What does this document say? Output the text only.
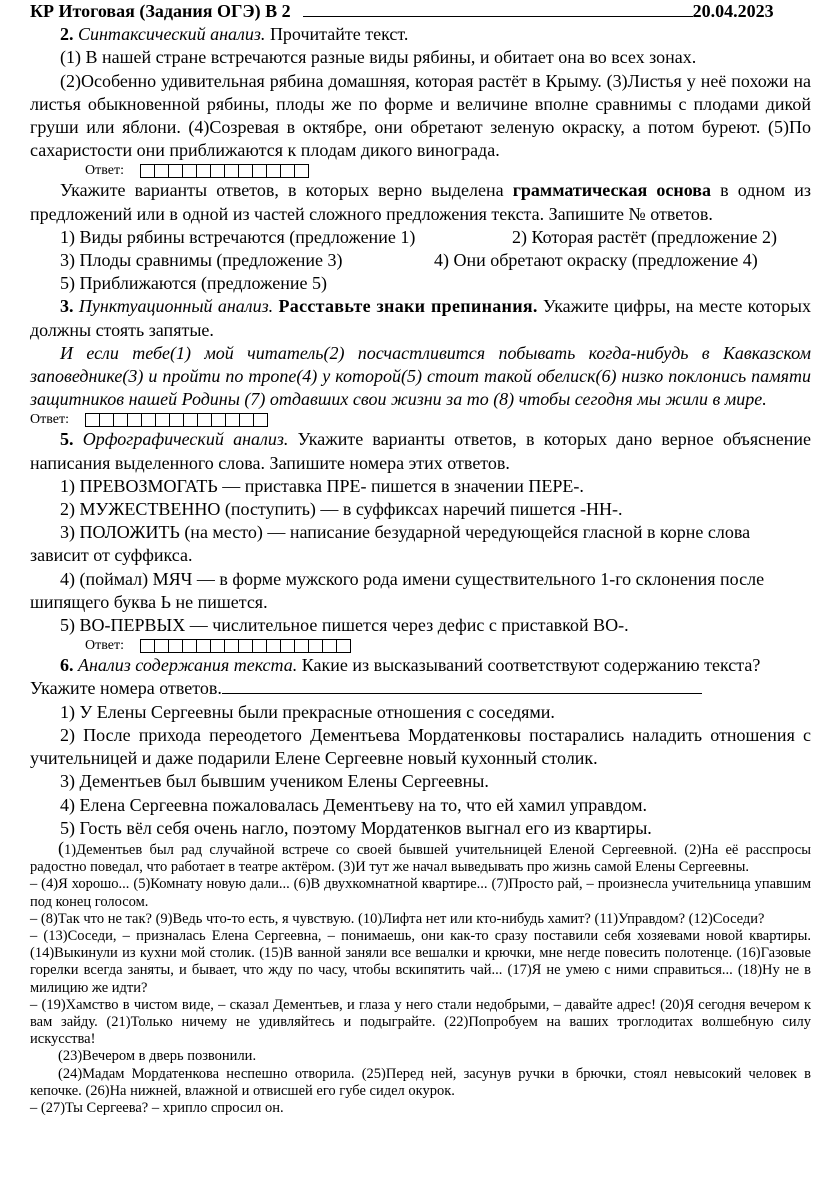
КР Итоговая (Задания ОГЭ) В 2	20.04.2023

2. Синтаксический анализ. Прочитайте текст.

(1) В нашей стране встречаются разные виды рябины, и обитает она во всех зонах.

(2)Особенно удивительная рябина домашняя, которая растёт в Крыму. (3)Листья у неё похожи на листья обыкновенной рябины, плоды же по форме и величине вполне сравнимы с плодами дикой груши или яблони. (4)Созревая в октябре, они обретают зеленую окраску, а потом буреют. (5)По сахаристости они приближаются к плодам дикого винограда.

Ответ:

Укажите варианты ответов, в которых верно выделена грамматическая основа в одном из предложений или в одной из частей сложного предложения текста. Запишите № ответов.

1) Виды рябины встречаются (предложение 1)	2) Которая растёт (предложение 2)
3) Плоды сравнимы (предложение 3)	4) Они обретают окраску (предложение 4)

5) Приближаются (предложение 5)

3. Пунктуационный анализ. Расставьте знаки препинания. Укажите цифры, на месте которых должны стоять запятые.

И если тебе(1) мой читатель(2) посчастливится побывать когда-нибудь в Кавказском заповеднике(3) и пройти по тропе(4) у которой(5) стоит такой обелиск(6) низко поклонись памяти защитников нашей Родины (7) отдавших свои жизни за то (8) чтобы сегодня мы жили в мире.

Ответ:

5. Орфографический анализ. Укажите варианты ответов, в которых дано верное объяснение написания выделенного слова. Запишите номера этих ответов.

1) ПРЕВОЗМОГАТЬ — приставка ПРЕ- пишется в значении ПЕРЕ-.

2) МУЖЕСТВЕННО (поступить) — в суффиксах наречий пишется -НН-.

3) ПОЛОЖИТЬ (на место) — написание безударной чередующейся гласной в корне слова зависит от суффикса.

4) (поймал) МЯЧ — в форме мужского рода имени существительного 1-го склонения после шипящего буква Ь не пишется.

5) ВО-ПЕРВЫХ — числительное пишется через дефис с приставкой ВО-.

Ответ:

6. Анализ содержания текста. Какие из высказываний соответствуют содержанию текста? Укажите номера ответов.

1) У Елены Сергеевны были прекрасные отношения с соседями.

2) После прихода переодетого Дементьева Мордатенковы постарались наладить отношения с учительницей и даже подарили Елене Сергеевне новый кухонный столик.

3) Дементьев был бывшим учеником Елены Сергеевны.

4) Елена Сергеевна пожаловалась Дементьеву на то, что ей хамил управдом.

5) Гость вёл себя очень нагло, поэтому Мордатенков выгнал его из квартиры.

(1)Дементьев был рад случайной встрече со своей бывшей учительницей Еленой Сергеевной. (2)На её расспросы радостно поведал, что работает в театре актёром. (3)И тут же начал выведывать про жизнь самой Елены Сергеевны.

– (4)Я хорошо... (5)Комнату новую дали... (6)В двухкомнатной квартире... (7)Просто рай, – произнесла учительница упавшим под конец голосом.

– (8)Так что не так? (9)Ведь что-то есть, я чувствую. (10)Лифта нет или кто-нибудь хамит? (11)Управдом? (12)Соседи?

– (13)Соседи, – призналась Елена Сергеевна, – понимаешь, они как-то сразу поставили себя хозяевами новой квартиры. (14)Выкинули из кухни мой столик. (15)В ванной заняли все вешалки и крючки, мне негде повесить полотенце. (16)Газовые горелки всегда заняты, и бывает, что жду по часу, чтобы вскипятить чай... (17)Я не умею с ними справиться... (18)Ну не в милицию же идти?

– (19)Хамство в чистом виде, – сказал Дементьев, и глаза у него стали недобрыми, – давайте адрес! (20)Я сегодня вечером к вам зайду. (21)Только ничему не удивляйтесь и подыграйте. (22)Попробуем на ваших троглодитах волшебную силу искусства!

(23)Вечером в дверь позвонили.

(24)Мадам Мордатенкова неспешно отворила. (25)Перед ней, засунув ручки в брючки, стоял невысокий человек в кепочке. (26)На нижней, влажной и отвисшей его губе сидел окурок.

– (27)Ты Сергеева? – хрипло спросил он.
